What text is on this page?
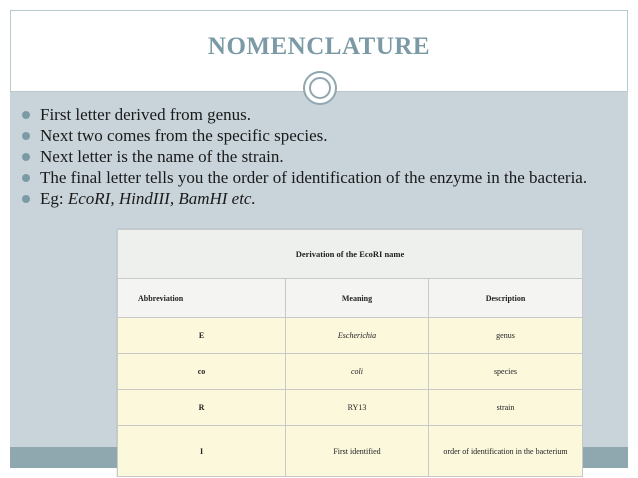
NOMENCLATURE
First letter derived from genus.
Next two comes from the specific species.
Next letter is the name of the strain.
The final letter tells you the order of identification of the enzyme in the bacteria.
Eg: EcoRI, HindIII, BamHI etc.
Derivation of the EcoRI name		
Abbreviation	Meaning	Description
E	Escherichia	genus
co	coli	species
R	RY13	strain
I	First identified	order of identification in the bacterium
